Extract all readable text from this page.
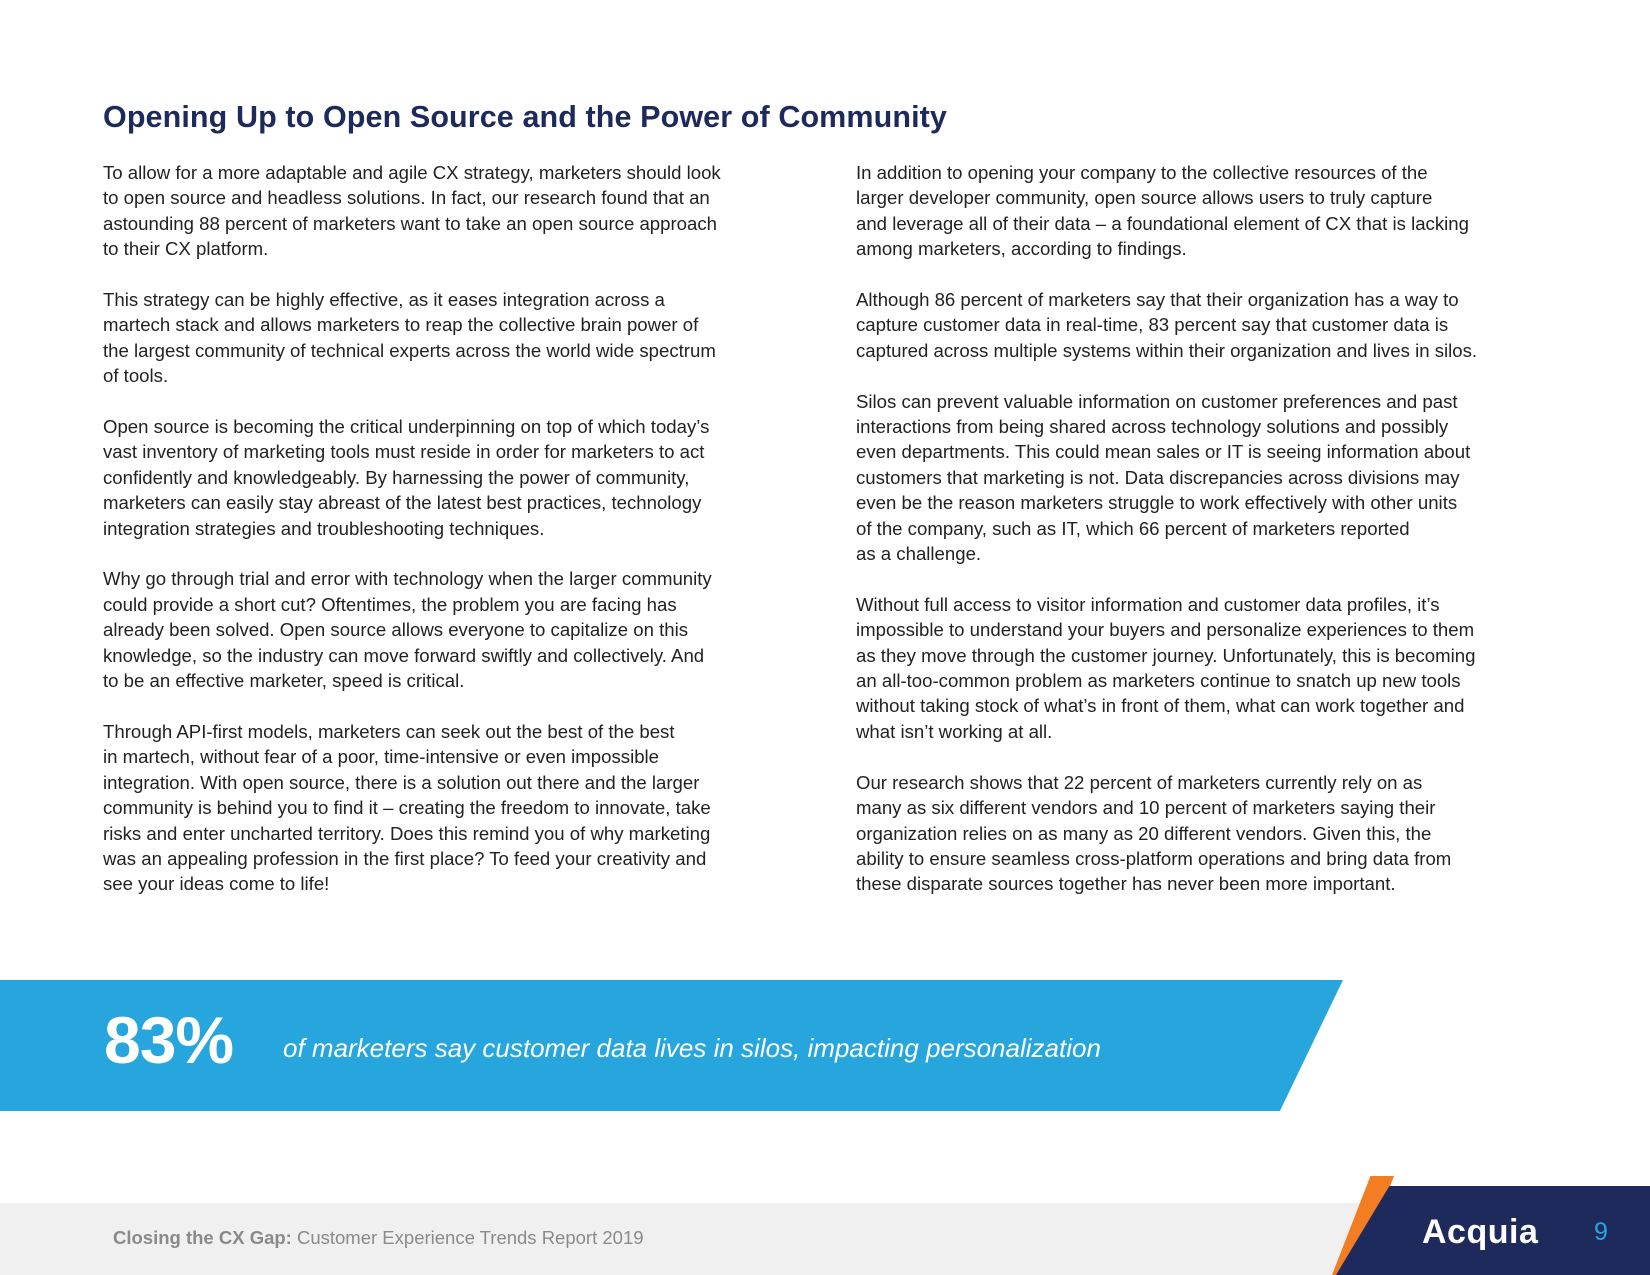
Opening Up to Open Source and the Power of Community
To allow for a more adaptable and agile CX strategy, marketers should look
to open source and headless solutions. In fact, our research found that an
astounding 88 percent of marketers want to take an open source approach
to their CX platform.
This strategy can be highly effective, as it eases integration across a
martech stack and allows marketers to reap the collective brain power of
the largest community of technical experts across the world wide spectrum
of tools.
Open source is becoming the critical underpinning on top of which today’s
vast inventory of marketing tools must reside in order for marketers to act
confidently and knowledgeably. By harnessing the power of community,
marketers can easily stay abreast of the latest best practices, technology
integration strategies and troubleshooting techniques.
Why go through trial and error with technology when the larger community
could provide a short cut? Oftentimes, the problem you are facing has
already been solved. Open source allows everyone to capitalize on this
knowledge, so the industry can move forward swiftly and collectively. And
to be an effective marketer, speed is critical.
Through API-first models, marketers can seek out the best of the best
in martech, without fear of a poor, time-intensive or even impossible
integration. With open source, there is a solution out there and the larger
community is behind you to find it – creating the freedom to innovate, take
risks and enter uncharted territory. Does this remind you of why marketing
was an appealing profession in the first place? To feed your creativity and
see your ideas come to life!
In addition to opening your company to the collective resources of the
larger developer community, open source allows users to truly capture
and leverage all of their data – a foundational element of CX that is lacking
among marketers, according to findings.
Although 86 percent of marketers say that their organization has a way to
capture customer data in real-time, 83 percent say that customer data is
captured across multiple systems within their organization and lives in silos.
Silos can prevent valuable information on customer preferences and past
interactions from being shared across technology solutions and possibly
even departments. This could mean sales or IT is seeing information about
customers that marketing is not. Data discrepancies across divisions may
even be the reason marketers struggle to work effectively with other units
of the company, such as IT, which 66 percent of marketers reported
as a challenge.
Without full access to visitor information and customer data profiles, it’s
impossible to understand your buyers and personalize experiences to them
as they move through the customer journey. Unfortunately, this is becoming
an all-too-common problem as marketers continue to snatch up new tools
without taking stock of what’s in front of them, what can work together and
what isn’t working at all.
Our research shows that 22 percent of marketers currently rely on as
many as six different vendors and 10 percent of marketers saying their
organization relies on as many as 20 different vendors. Given this, the
ability to ensure seamless cross-platform operations and bring data from
these disparate sources together has never been more important.
83% of marketers say customer data lives in silos, impacting personalization
Closing the CX Gap: Customer Experience Trends Report 2019	Acquia 9
